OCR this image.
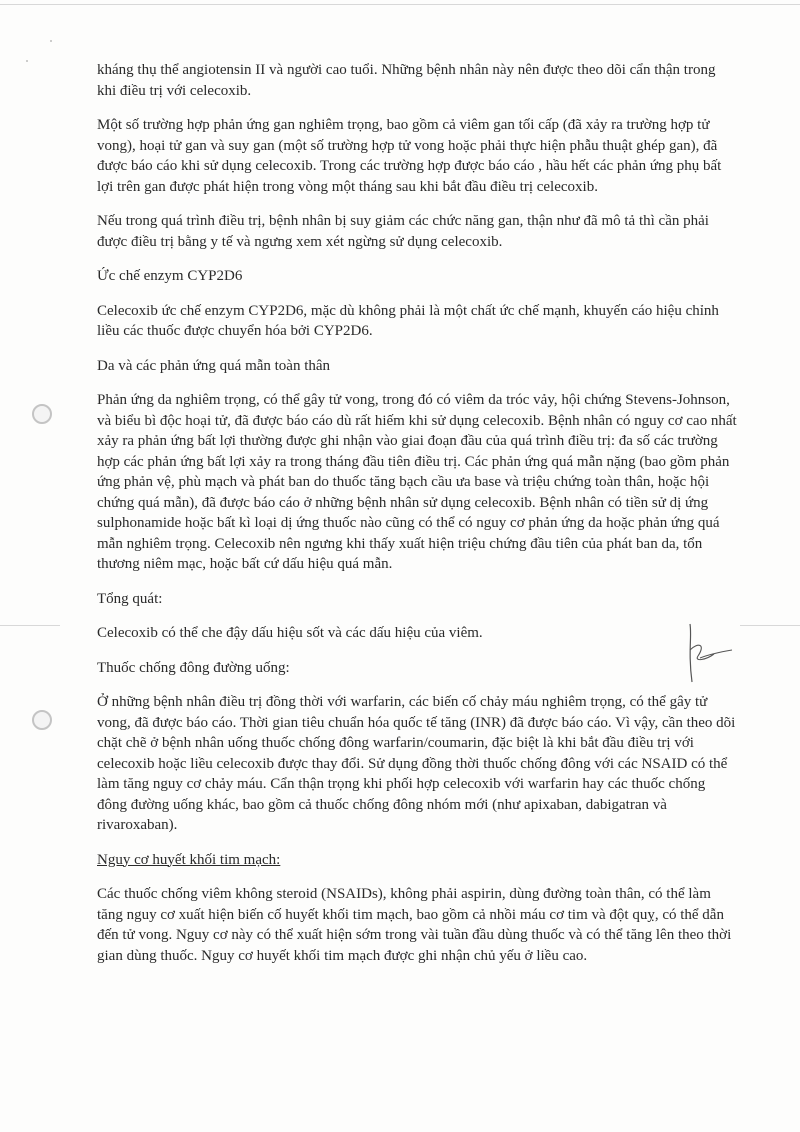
kháng thụ thể angiotensin II và người cao tuổi. Những bệnh nhân này nên được theo dõi cẩn thận trong khi điều trị với celecoxib.

Một số trường hợp phản ứng gan nghiêm trọng, bao gồm cả viêm gan tối cấp (đã xảy ra trường hợp tử vong), hoại tử gan và suy gan (một số trường hợp tử vong hoặc phải thực hiện phẫu thuật ghép gan), đã được báo cáo khi sử dụng celecoxib. Trong các trường hợp được báo cáo , hầu hết các phản ứng phụ bất lợi trên gan được phát hiện trong vòng một tháng sau khi bắt đầu điều trị celecoxib.

Nếu trong quá trình điều trị, bệnh nhân bị suy giảm các chức năng gan, thận như đã mô tả thì cần phải được điều trị bằng y tế và ngưng xem xét ngừng sử dụng celecoxib.

Ức chế enzym CYP2D6

Celecoxib ức chế enzym CYP2D6, mặc dù không phải là một chất ức chế mạnh, khuyến cáo hiệu chỉnh liều các thuốc được chuyển hóa bởi CYP2D6.

Da và các phản ứng quá mẫn toàn thân

Phản ứng da nghiêm trọng, có thể gây tử vong, trong đó có viêm da tróc vảy, hội chứng Stevens-Johnson, và biểu bì độc hoại tử, đã được báo cáo dù rất hiếm khi sử dụng celecoxib. Bệnh nhân có nguy cơ cao nhất xảy ra phản ứng bất lợi thường được ghi nhận vào giai đoạn đầu của quá trình điều trị: đa số các trường hợp các phản ứng bất lợi xảy ra trong tháng đầu tiên điều trị. Các phản ứng quá mẫn nặng (bao gồm phản ứng phản vệ, phù mạch và phát ban do thuốc tăng bạch cầu ưa base và triệu chứng toàn thân, hoặc hội chứng quá mẫn), đã được báo cáo ở những bệnh nhân sử dụng celecoxib. Bệnh nhân có tiền sử dị ứng sulphonamide hoặc bất kì loại dị ứng thuốc nào cũng có thể có nguy cơ phản ứng da hoặc phản ứng quá mẫn nghiêm trọng. Celecoxib nên ngưng khi thấy xuất hiện triệu chứng đầu tiên của phát ban da, tổn thương niêm mạc, hoặc bất cứ dấu hiệu quá mẫn.

Tổng quát:

Celecoxib có thể che đậy dấu hiệu sốt và các dấu hiệu của viêm.

Thuốc chống đông đường uống:

Ở những bệnh nhân điều trị đồng thời với warfarin, các biến cố chảy máu nghiêm trọng, có thể gây tử vong, đã được báo cáo. Thời gian tiêu chuẩn hóa quốc tế tăng (INR) đã được báo cáo. Vì vậy, cần theo dõi chặt chẽ ở bệnh nhân uống thuốc chống đông warfarin/coumarin, đặc biệt là khi bắt đầu điều trị với celecoxib hoặc liều celecoxib được thay đổi. Sử dụng đồng thời thuốc chống đông với các NSAID có thể làm tăng nguy cơ chảy máu. Cẩn thận trọng khi phối hợp celecoxib với warfarin hay các thuốc chống đông đường uống khác, bao gồm cả thuốc chống đông nhóm mới (như apixaban, dabigatran và rivaroxaban).

Nguy cơ huyết khối tim mạch:

Các thuốc chống viêm không steroid (NSAIDs), không phải aspirin, dùng đường toàn thân, có thể làm tăng nguy cơ xuất hiện biến cố huyết khối tim mạch, bao gồm cả nhồi máu cơ tim và đột quỵ, có thể dẫn đến tử vong. Nguy cơ này có thể xuất hiện sớm trong vài tuần đầu dùng thuốc và có thể tăng lên theo thời gian dùng thuốc. Nguy cơ huyết khối tim mạch được ghi nhận chủ yếu ở liều cao.
